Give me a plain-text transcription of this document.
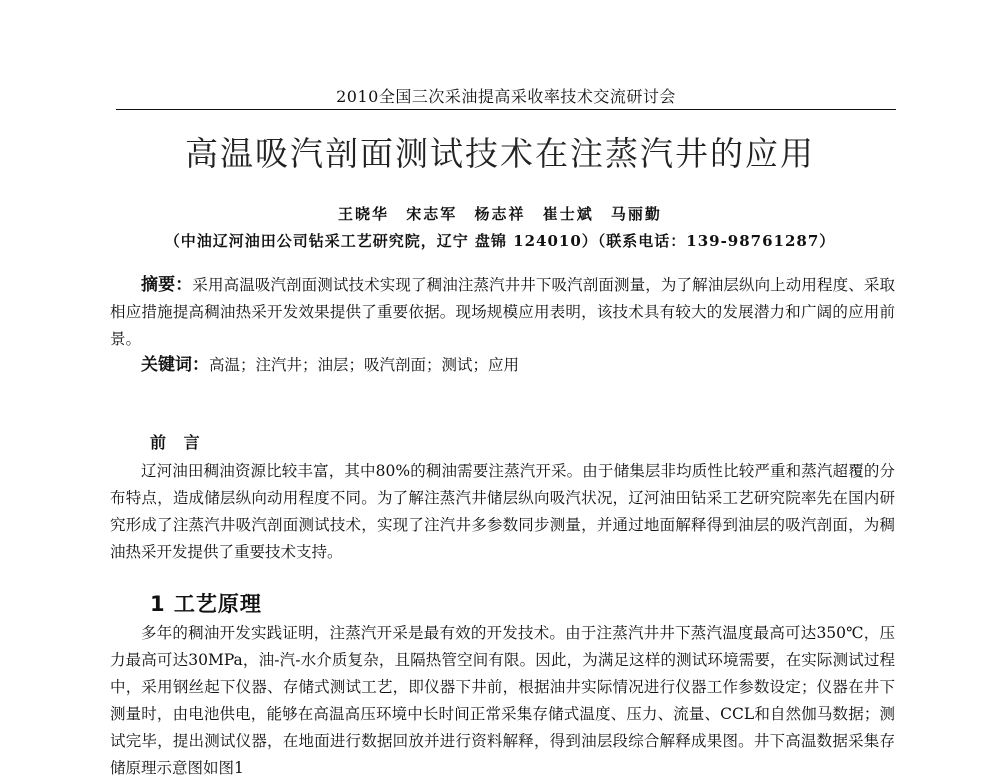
2010全国三次采油提高采收率技术交流研讨会
高温吸汽剖面测试技术在注蒸汽井的应用
王晓华 宋志军 杨志祥 崔士斌 马丽勤
（中油辽河油田公司钻采工艺研究院，辽宁 盘锦 124010）（联系电话：139-98761287）

摘要：采用高温吸汽剖面测试技术实现了稠油注蒸汽井井下吸汽剖面测量，为了解油层纵向上动用程度、采取相应措施提高稠油热采开发效果提供了重要依据。现场规模应用表明，该技术具有较大的发展潜力和广阔的应用前景。

关键词：高温；注汽井；油层；吸汽剖面；测试；应用

前 言

辽河油田稠油资源比较丰富，其中80%的稠油需要注蒸汽开采。由于储集层非均质性比较严重和蒸汽超覆的分布特点，造成储层纵向动用程度不同。为了解注蒸汽井储层纵向吸汽状况，辽河油田钻采工艺研究院率先在国内研究形成了注蒸汽井吸汽剖面测试技术，实现了注汽井多参数同步测量，并通过地面解释得到油层的吸汽剖面，为稠油热采开发提供了重要技术支持。

1 工艺原理

多年的稠油开发实践证明，注蒸汽开采是最有效的开发技术。由于注蒸汽井井下蒸汽温度最高可达350℃，压力最高可达30MPa，油-汽-水介质复杂，且隔热管空间有限。因此，为满足这样的测试环境需要，在实际测试过程中，采用钢丝起下仪器、存储式测试工艺，即仪器下井前，根据油井实际情况进行仪器工作参数设定；仪器在井下测量时，由电池供电，能够在高温高压环境中长时间正常采集存储式温度、压力、流量、CCL和自然伽马数据；测试完毕，提出测试仪器，在地面进行数据回放并进行资料解释，得到油层段综合解释成果图。井下高温数据采集存储原理示意图如图1
